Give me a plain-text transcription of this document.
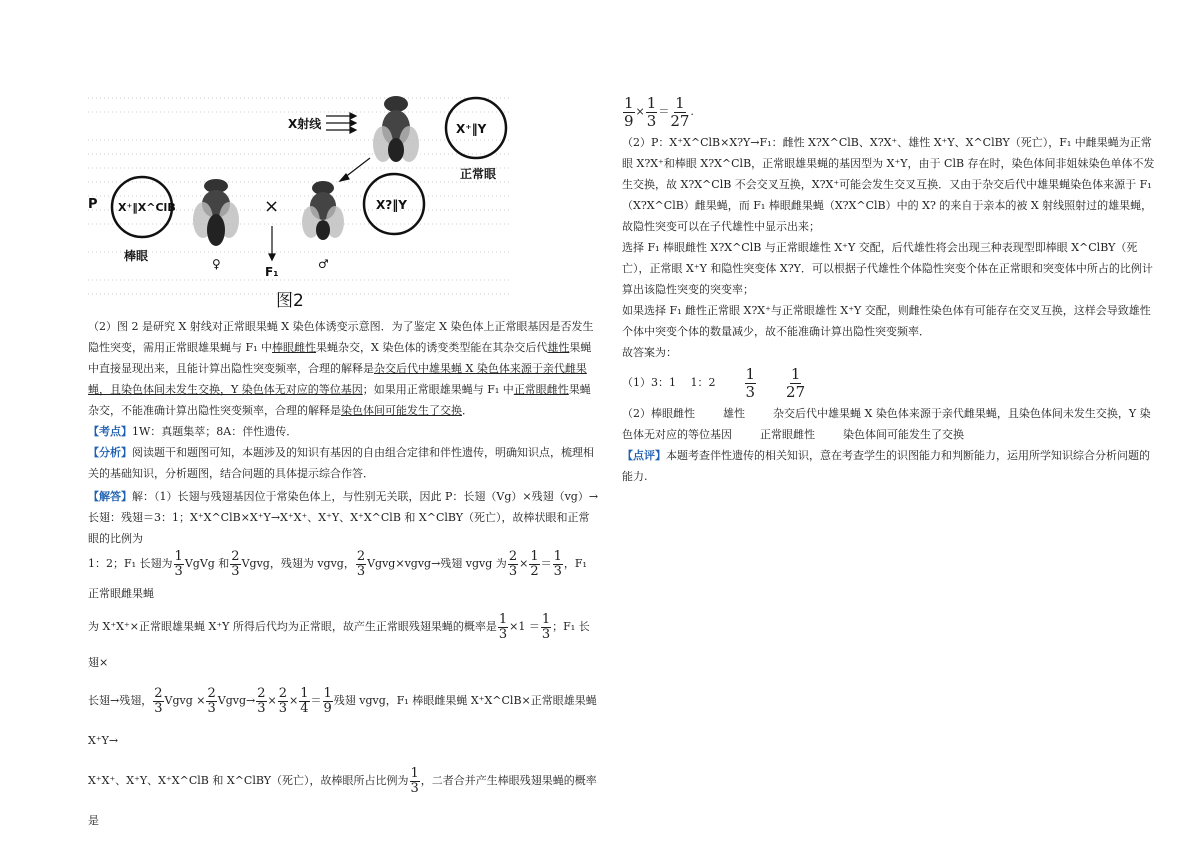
X射线	X⁺‖Y
正常眼
P X⁺‖X^ClB
棒眼
♀
×
F₁
♂
X?‖Y
图2

（2）图 2 是研究 X 射线对正常眼果蝇 X 染色体诱变示意图．为了鉴定 X 染色体上正常眼基因是否发生隐性突变，需用正常眼雄果蝇与 F₁ 中棒眼雌性果蝇杂交，X 染色体的诱变类型能在其杂交后代雄性果蝇中直接显现出来，且能计算出隐性突变频率，合理的解释是杂交后代中雄果蝇 X 染色体来源于亲代雌果蝇，且染色体间未发生交换，Y 染色体无对应的等位基因；如果用正常眼雄果蝇与 F₁ 中正常眼雌性果蝇杂交，不能准确计算出隐性突变频率，合理的解释是染色体间可能发生了交换．

【考点】1W：真题集萃；8A：伴性遗传．

【分析】阅读题干和题图可知，本题涉及的知识有基因的自由组合定律和伴性遗传，明确知识点，梳理相关的基础知识，分析题图，结合问题的具体提示综合作答．

【解答】解：（1）长翅与残翅基因位于常染色体上，与性别无关联，因此 P：长翅（Vg）×残翅（vg）→长翅：残翅＝3：1；X⁺X^ClB×X⁺Y→X⁺X⁺、X⁺Y、X⁺X^ClB 和 X^ClBY（死亡），故棒状眼和正常眼的比例为

1：2；F₁ 长翅为 $\frac{1}{3}$ VgVg 和 $\frac{2}{3}$ Vgvg，残翅为 vgvg， $\frac{2}{3}$ Vgvg×vgvg→残翅 vgvg 为 $\frac{2}{3} \times \frac{1}{2} = \frac{1}{3}$ ，F₁ 正常眼雌果蝇

为 X⁺X⁺×正常眼雄果蝇 X⁺Y 所得后代均为正常眼，故产生正常眼残翅果蝇的概率是 $\frac{1}{3} \times 1 = \frac{1}{3}$ ；F₁ 长翅×

长翅→残翅， $\frac{2}{3}$ Vgvg × $\frac{2}{3}$ Vgvg→ $\frac{2}{3} \times \frac{2}{3} \times \frac{1}{4} = \frac{1}{9}$ 残翅 vgvg，F₁ 棒眼雌果蝇 X⁺X^ClB×正常眼雄果蝇 X⁺Y→

X⁺X⁺、X⁺Y、X⁺X^ClB 和 X^ClBY（死亡），故棒眼所占比例为 $\frac{1}{3}$ ，二者合并产生棒眼残翅果蝇的概率是

$\frac{1}{9} \times \frac{1}{3} = \frac{1}{27}$ .

（2）P：X⁺X^ClB×X?Y→F₁：雌性 X?X^ClB、X?X⁺、雄性 X⁺Y、X^ClBY（死亡），F₁ 中雌果蝇为正常眼 X?X⁺和棒眼 X?X^ClB，正常眼雄果蝇的基因型为 X⁺Y，由于 ClB 存在时，染色体间非姐妹染色单体不发生交换，故 X?X^ClB 不会交叉互换，X?X⁺可能会发生交叉互换．又由于杂交后代中雄果蝇染色体来源于 F₁（X?X^ClB）雌果蝇，而 F₁ 棒眼雌果蝇（X?X^ClB）中的 X? 的来自于亲本的被 X 射线照射过的雄果蝇，故隐性突变可以在子代雄性中显示出来；

选择 F₁ 棒眼雌性 X?X^ClB 与正常眼雄性 X⁺Y 交配，后代雄性将会出现三种表现型即棒眼 X^ClBY（死亡），正常眼 X⁺Y 和隐性突变体 X?Y．可以根据子代雄性个体隐性突变个体在正常眼和突变体中所占的比例计算出该隐性突变的突变率；

如果选择 F₁ 雌性正常眼 X?X⁺与正常眼雄性 X⁺Y 交配，则雌性染色体有可能存在交叉互换，这样会导致雄性个体中突变个体的数量减少，故不能准确计算出隐性突变频率．

故答案为：

（1）3：1　 1：$2 \frac{1}{3} \frac{1}{27}$

（2）棒眼雌性	雄性	杂交后代中雄果蝇 X 染色体来源于亲代雌果蝇，且染色体间未发生交换，Y 染色体无对应的等位基因	正常眼雌性	染色体间可能发生了交换

【点评】本题考查伴性遗传的相关知识，意在考查学生的识图能力和判断能力，运用所学知识综合分析问题的能力.
